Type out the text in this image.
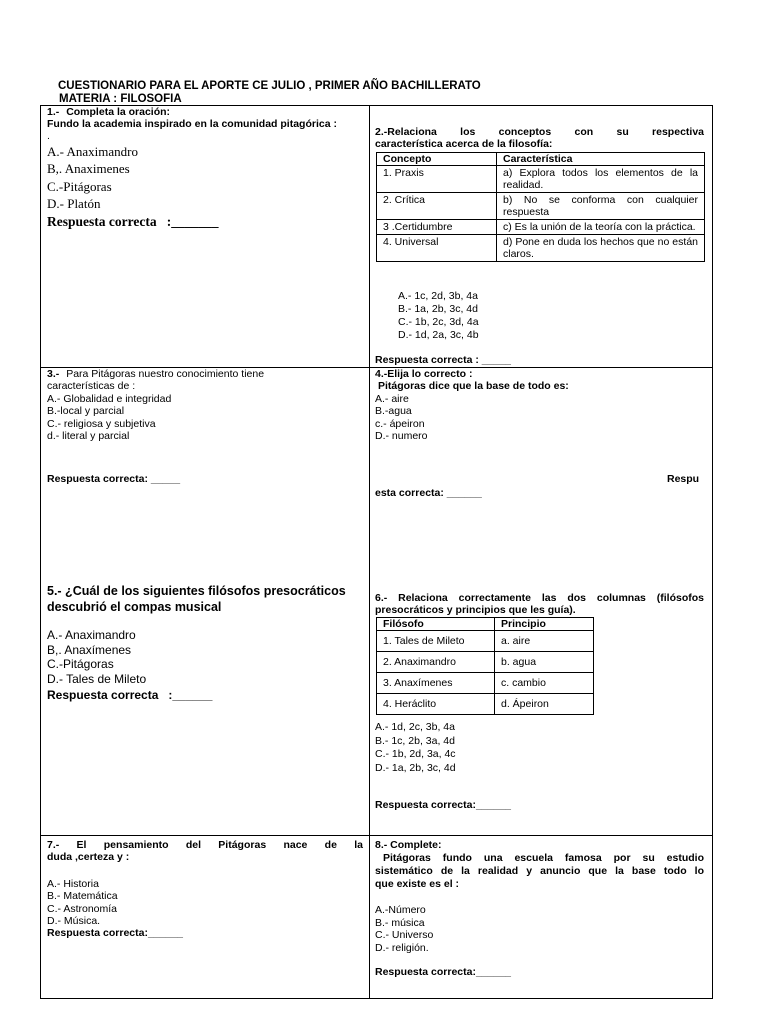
CUESTIONARIO PARA EL APORTE CE JULIO , PRIMER AÑO BACHILLERATO
MATERIA : FILOSOFIA
1.- Completa la oración:
Fundo la academia inspirado en la comunidad pitagórica :
.
A.- Anaximandro
B,. Anaximenes
C.-Pitágoras
D.- Platón
Respuesta correcta   :_______
2.-Relaciona los conceptos con su respectiva
característica acerca de la filosofía:
Concepto	Característica
1. Praxis	a) Explora todos los elementos de la realidad.
2. Crítica	b) No se conforma con cualquier respuesta
3 .Certidumbre	c) Es la unión de la teoría con la práctica.
4. Universal	d) Pone en duda los hechos que no están claros.
A.- 1c, 2d, 3b, 4a
B.- 1a, 2b, 3c, 4d
C.- 1b, 2c, 3d, 4a
D.- 1d, 2a, 3c, 4b
Respuesta correcta : _____
3.- Para Pitágoras nuestro conocimiento tiene
características de :
A.- Globalidad e integridad
B.-local y parcial
C.- religiosa y subjetiva
d.- literal y parcial
Respuesta correcta: _____
4.-Elija lo correcto :
Pitágoras dice que la base de todo es:
A.- aire
B.-agua
c.- ápeiron
D.- numero
Respu
esta correcta: ______
5.- ¿Cuál de los siguientes filósofos presocráticos
descubrió el compas musical
A.- Anaximandro
B,. Anaxímenes
C.-Pitágoras
D.- Tales de Mileto
Respuesta correcta   :______
6.- Relaciona correctamente las dos columnas (filósofos
presocráticos y principios que les guía).
Filósofo	Principio
1. Tales de Mileto	a. aire
2. Anaximandro	b. agua
3. Anaxímenes	c. cambio
4. Heráclito	d. Ápeiron
A.- 1d, 2c, 3b, 4a
B.- 1c, 2b, 3a, 4d
C.- 1b, 2d, 3a, 4c
D.- 1a, 2b, 3c, 4d
Respuesta correcta:______
7.- El pensamiento del Pitágoras nace de la
duda ,certeza y :
A.- Historia
B.- Matemática
C.- Astronomía
D.- Música.
Respuesta correcta:______
8.- Complete:
Pitágoras fundo una escuela famosa por su estudio
sistemático de la realidad y anuncio que la base todo lo
que existe es el :
A.-Número
B.- música
C.- Universo
D.- religión.
Respuesta correcta:______
